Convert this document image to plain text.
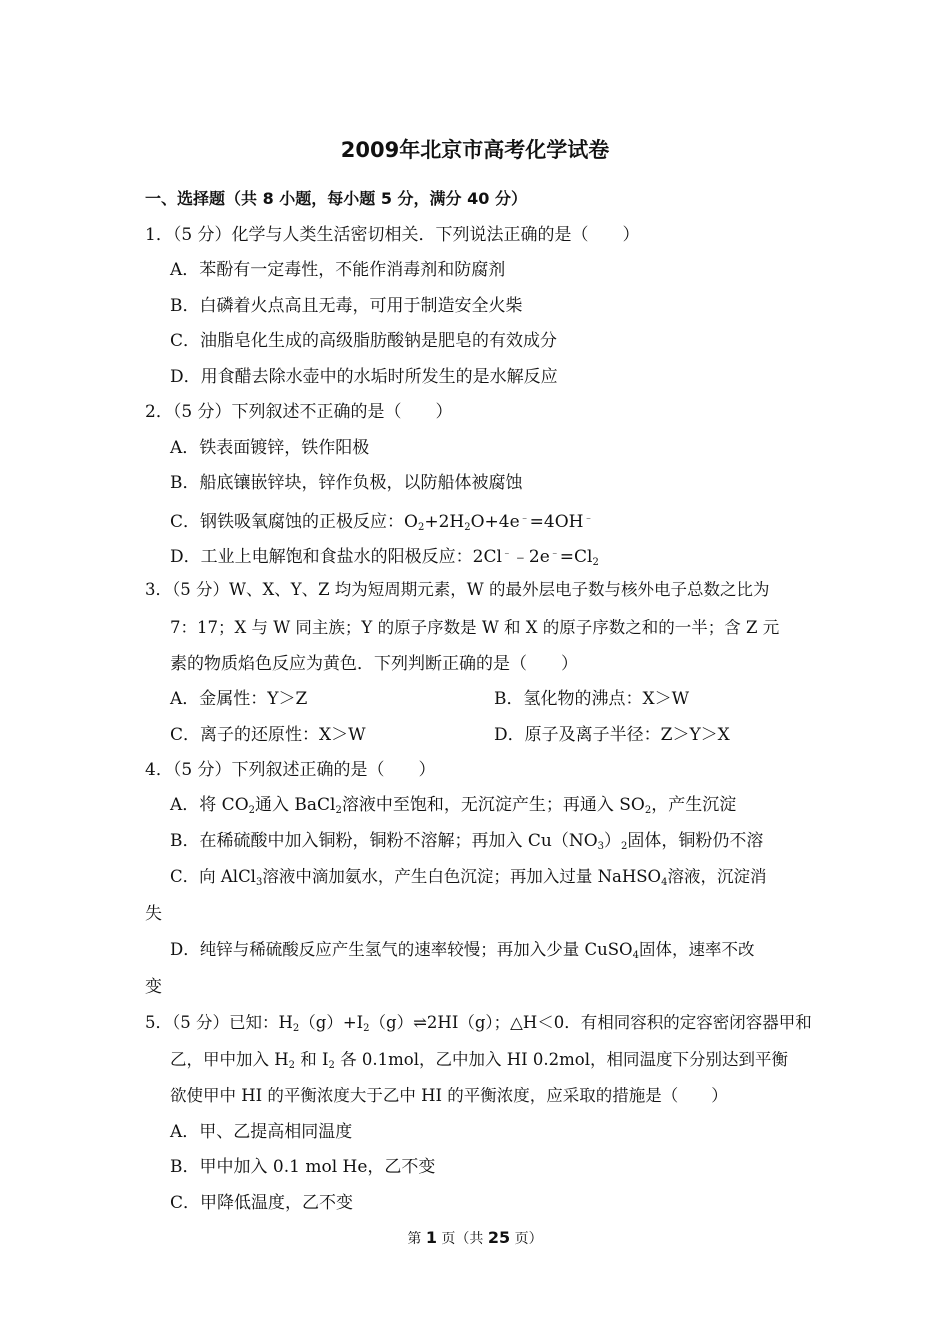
2009年北京市高考化学试卷
一、选择题（共 8 小题，每小题 5 分，满分 40 分）
1．（5 分）化学与人类生活密切相关．下列说法正确的是（　　）
A．苯酚有一定毒性，不能作消毒剂和防腐剂
B．白磷着火点高且无毒，可用于制造安全火柴
C．油脂皂化生成的高级脂肪酸钠是肥皂的有效成分
D．用食醋去除水壶中的水垢时所发生的是水解反应
2．（5 分）下列叙述不正确的是（　　）
A．铁表面镀锌，铁作阳极
B．船底镶嵌锌块，锌作负极，以防船体被腐蚀
C．钢铁吸氧腐蚀的正极反应：$O_2+2H_2O+4e^﹣=4OH^﹣$
D．工业上电解饱和食盐水的阳极反应：$2Cl^﹣﹣2e^﹣=Cl_2$
3．（5 分）W、X、Y、Z 均为短周期元素，W 的最外层电子数与核外电子总数之比为
7：17；X 与 W 同主族；Y 的原子序数是 W 和 X 的原子序数之和的一半；含 Z 元
素的物质焰色反应为黄色．下列判断正确的是（　　）
A．金属性：Y＞Z	B．氢化物的沸点：X＞W
C．离子的还原性：X＞W	D．原子及离子半径：Z＞Y＞X
4．（5 分）下列叙述正确的是（　　）
A．将 $CO_2$通入 BaCl$_2$溶液中至饱和，无沉淀产生；再通入 $SO_2$，产生沉淀
B．在稀硫酸中加入铜粉，铜粉不溶解；再加入 $Cu(NO_3)_2$固体，铜粉仍不溶
C．向 AlCl$_3$溶液中滴加氨水，产生白色沉淀；再加入过量 NaHSO$_4$溶液，沉淀消
失
D．纯锌与稀硫酸反应产生氢气的速率较慢；再加入少量 CuSO$_4$固体，速率不改
变
5．（5 分）已知：$H_2(g)+I_2(g)\rightleftharpoons 2HI(g)$；△H＜0．有相同容积的定容密闭容器甲和
乙，甲中加入 $H_2$ 和 $I_2$ 各 0.1mol，乙中加入 HI 0.2mol，相同温度下分别达到平衡
欲使甲中 HI 的平衡浓度大于乙中 HI 的平衡浓度，应采取的措施是（　　）
A．甲、乙提高相同温度
B．甲中加入 0.1 mol He，乙不变
C．甲降低温度，乙不变
第 1 页（共 25 页）
